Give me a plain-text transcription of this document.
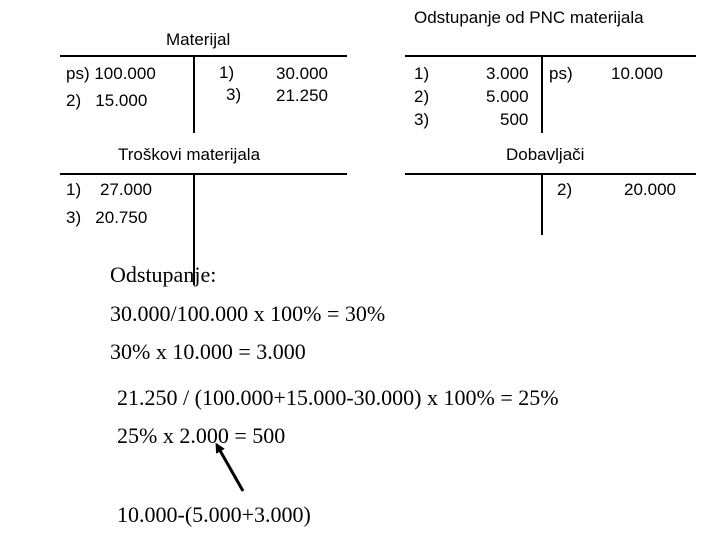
Materijal
ps) 100.000
2)   15.000
1)
3)
30.000
21.250
Odstupanje od PNC materijala
1)
2)
3)
3.000
5.000
500
ps) 10.000
Troškovi materijala
1)    27.000
3)   20.750
Dobavljači
2)	20.000
Odstupanje:
30.000/100.000 x 100% = 30%
30% x 10.000 = 3.000
21.250 / (100.000+15.000-30.000) x 100% = 25%
25% x 2.000 = 500
10.000-(5.000+3.000)
